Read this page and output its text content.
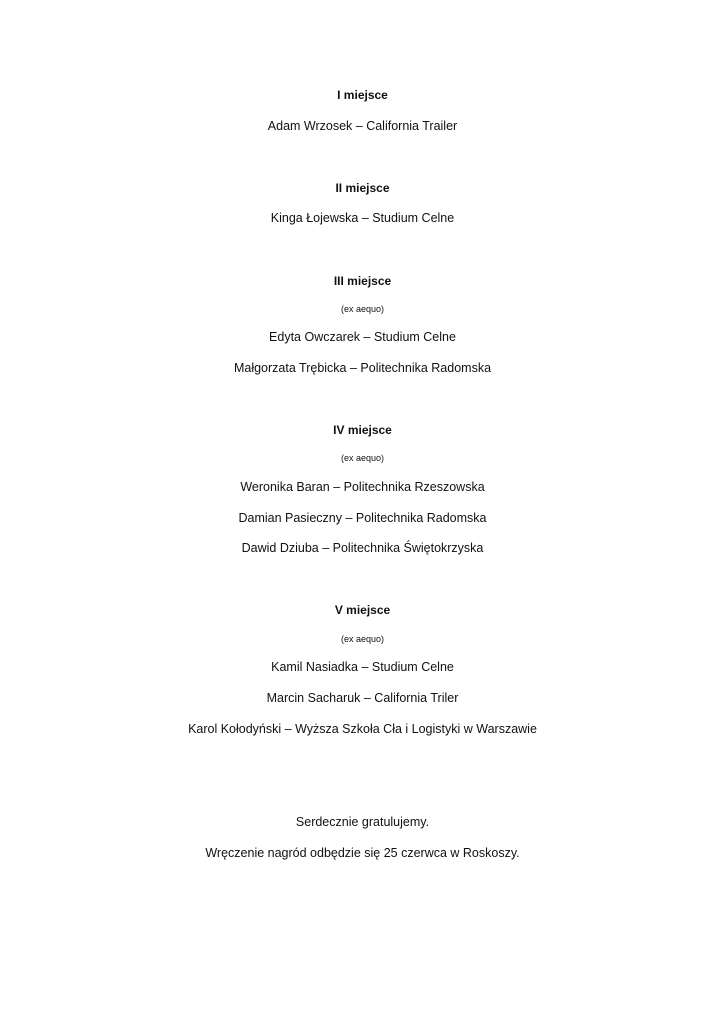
I miejsce
Adam Wrzosek – California Trailer
II miejsce
Kinga Łojewska – Studium Celne
III miejsce
(ex aequo)
Edyta Owczarek – Studium Celne
Małgorzata Trębicka – Politechnika Radomska
IV miejsce
(ex aequo)
Weronika Baran – Politechnika Rzeszowska
Damian Pasieczny – Politechnika Radomska
Dawid Dziuba – Politechnika Świętokrzyska
V miejsce
(ex aequo)
Kamil Nasiadka – Studium Celne
Marcin Sacharuk – California Triler
Karol Kołodyński – Wyższa Szkoła Cła i Logistyki w Warszawie
Serdecznie gratulujemy.
Wręczenie nagród odbędzie się 25 czerwca w Roskoszy.
